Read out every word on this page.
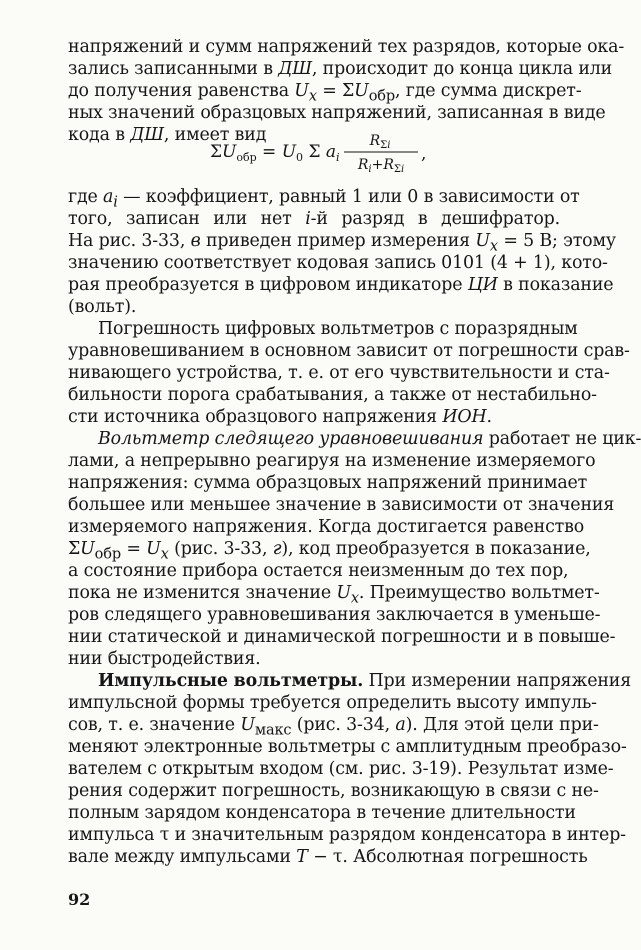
напряжений и сумм напряжений тех разрядов, которые ока-
зались записанными в ДШ, происходит до конца цикла или
до получения равенства $U_x = \Sigma U_{обр}$, где сумма дискрет-
ных значений образцовых напряжений, записанная в виде
кода в ДШ, имеет вид
$\Sigma U_{обр} = U_0$ Σ $a_i$
$R_{\Sigma i}$
$R_i+R_{\Sigma i}$
,
где $a_i$ — коэффициент, равный 1 или 0 в зависимости от
того, записан или нет i-й разряд в дешифратор.
На рис. 3-33, в приведен пример измерения $U_x = 5$ В; этому
значению соответствует кодовая запись 0101 (4 + 1), кото-
рая преобразуется в цифровом индикаторе ЦИ в показание
(вольт).
Погрешность цифровых вольтметров с поразрядным
уравновешиванием в основном зависит от погрешности срав-
нивающего устройства, т. е. от его чувствительности и ста-
бильности порога срабатывания, а также от нестабильно-
сти источника образцового напряжения ИОН.
Вольтметр следящего уравновешивания работает не цик-
лами, а непрерывно реагируя на изменение измеряемого
напряжения: сумма образцовых напряжений принимает
большее или меньшее значение в зависимости от значения
измеряемого напряжения. Когда достигается равенство
$\Sigma U_{обр} = U_x$ (рис. 3-33, г), код преобразуется в показание,
а состояние прибора остается неизменным до тех пор,
пока не изменится значение $U_x$. Преимущество вольтмет-
ров следящего уравновешивания заключается в уменьше-
нии статической и динамической погрешности и в повыше-
нии быстродействия.
Импульсные вольтметры. При измерении напряжения
импульсной формы требуется определить высоту импуль-
сов, т. е. значение $U_{макс}$ (рис. 3-34, а). Для этой цели при-
меняют электронные вольтметры с амплитудным преобразо-
вателем с открытым входом (см. рис. 3-19). Результат изме-
рения содержит погрешность, возникающую в связи с не-
полным зарядом конденсатора в течение длительности
импульса τ и значительным разрядом конденсатора в интер-
вале между импульсами T − τ. Абсолютная погрешность
92
